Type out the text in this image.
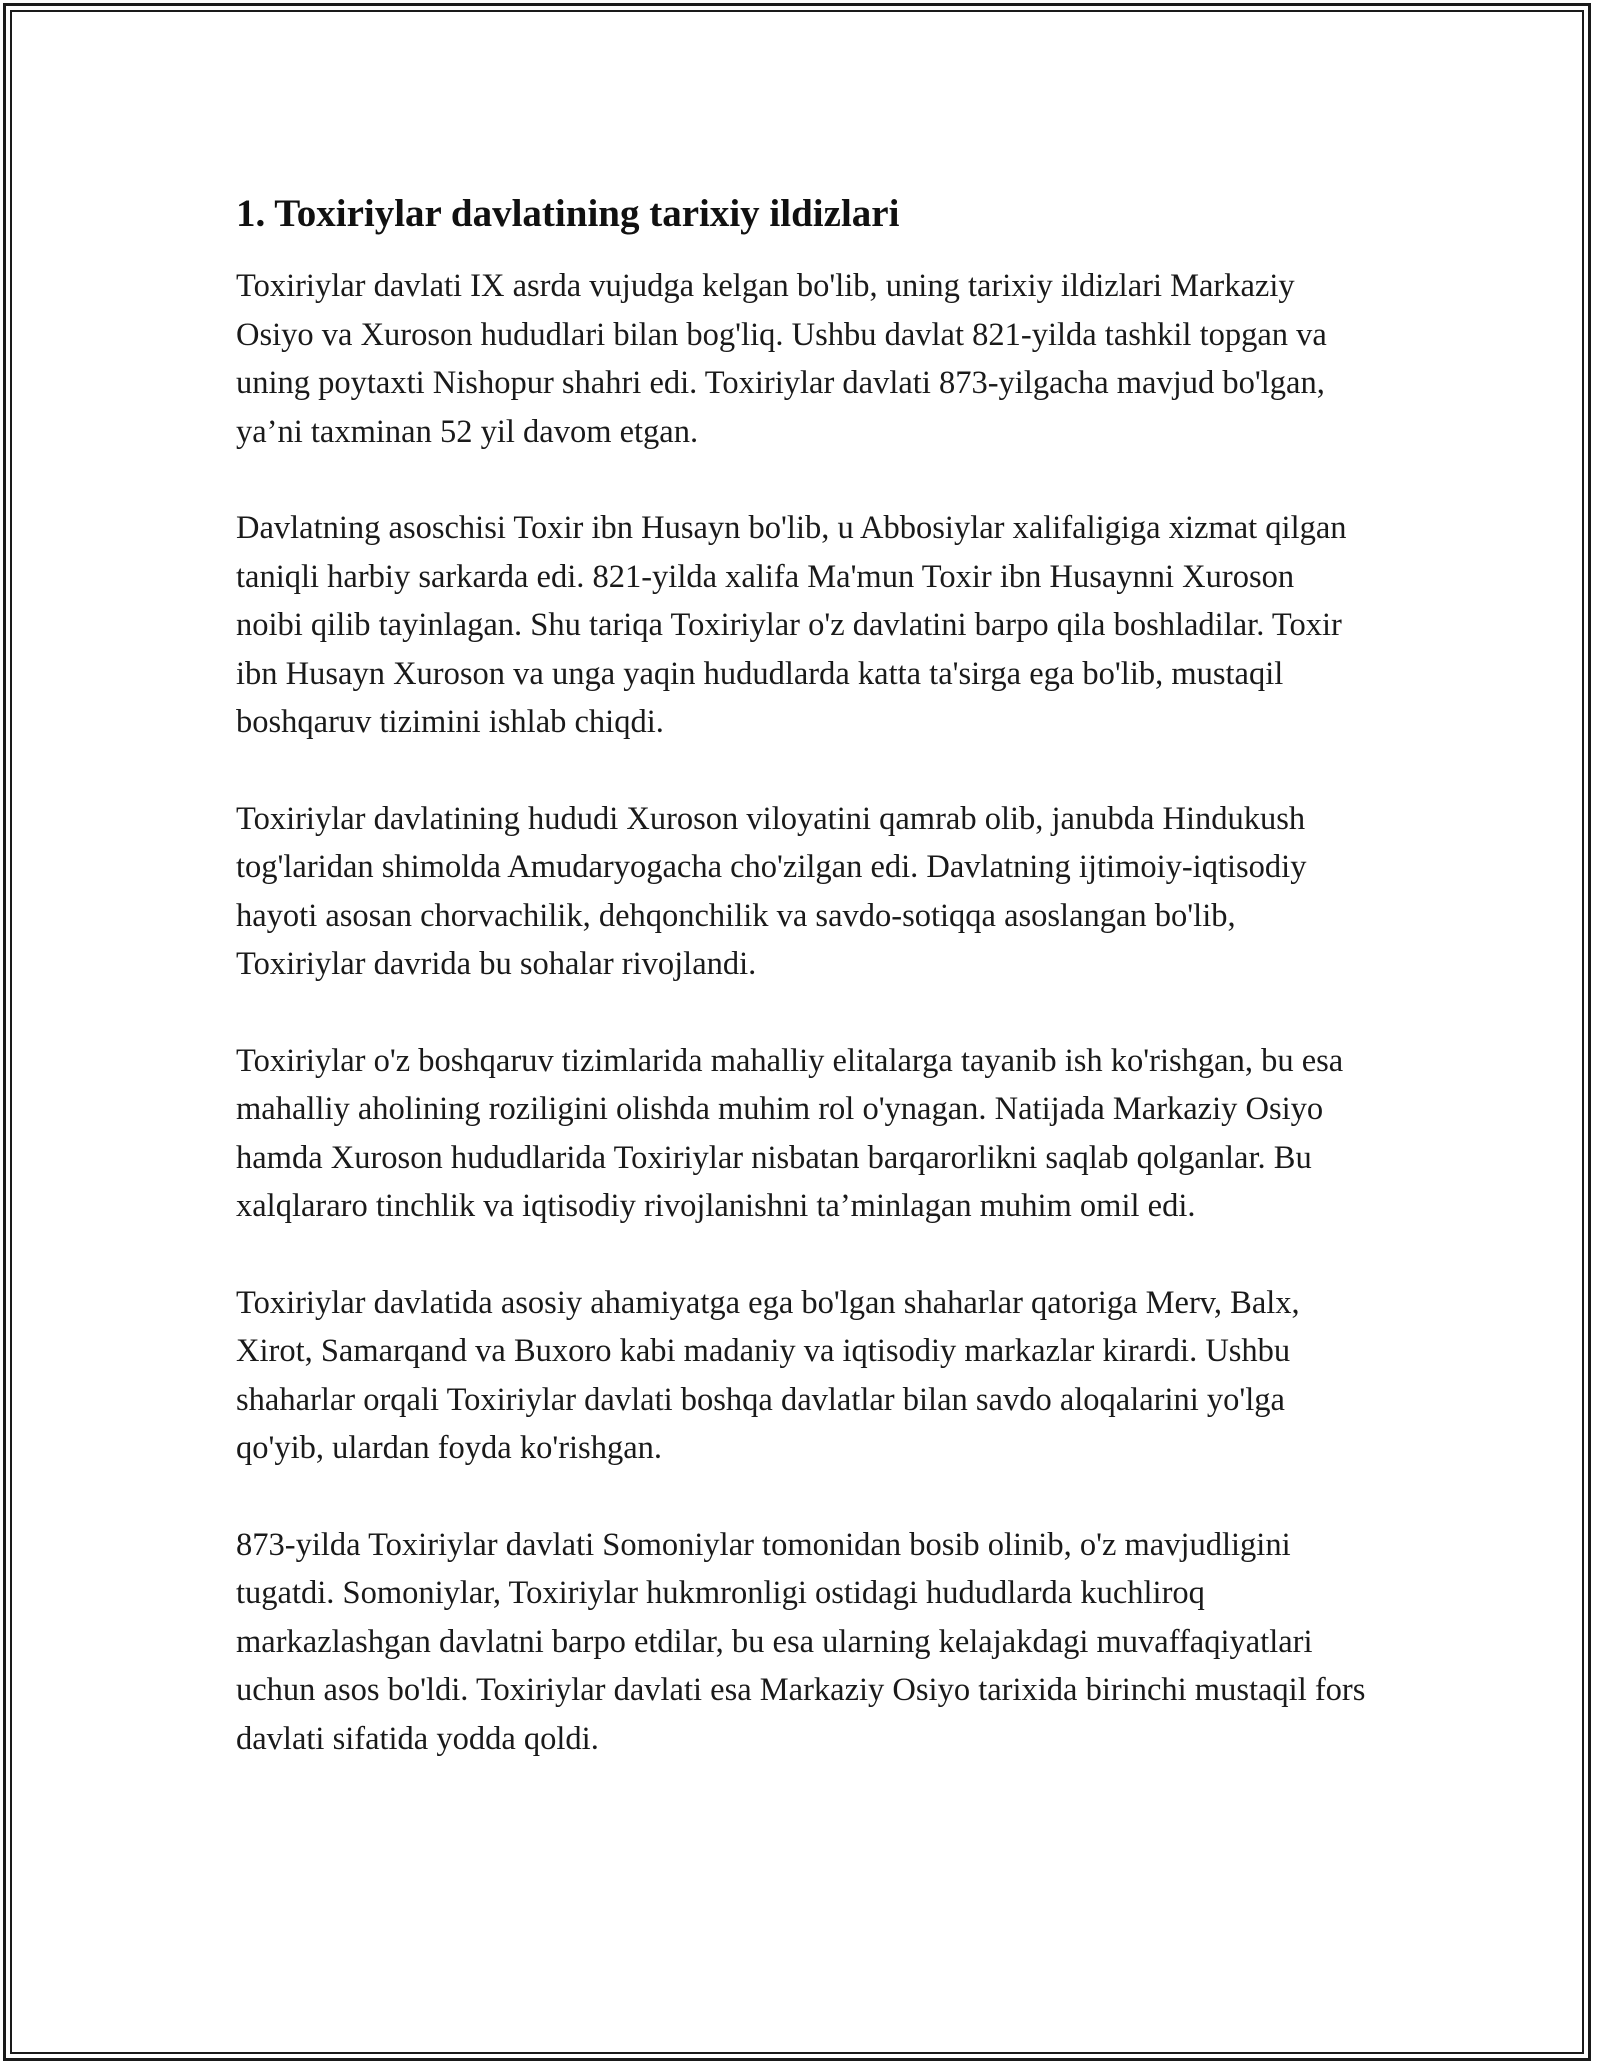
1. Toxiriylar davlatining tarixiy ildizlari

Toxiriylar davlati IX asrda vujudga kelgan bo'lib, uning tarixiy ildizlari Markaziy Osiyo va Xuroson hududlari bilan bog'liq. Ushbu davlat 821-yilda tashkil topgan va uning poytaxti Nishopur shahri edi. Toxiriylar davlati 873-yilgacha mavjud bo'lgan, ya’ni taxminan 52 yil davom etgan.

Davlatning asoschisi Toxir ibn Husayn bo'lib, u Abbosiylar xalifaligiga xizmat qilgan taniqli harbiy sarkarda edi. 821-yilda xalifa Ma'mun Toxir ibn Husaynni Xuroson noibi qilib tayinlagan. Shu tariqa Toxiriylar o'z davlatini barpo qila boshladilar. Toxir ibn Husayn Xuroson va unga yaqin hududlarda katta ta'sirga ega bo'lib, mustaqil boshqaruv tizimini ishlab chiqdi.

Toxiriylar davlatining hududi Xuroson viloyatini qamrab olib, janubda Hindukush tog'laridan shimolda Amudaryogacha cho'zilgan edi. Davlatning ijtimoiy-iqtisodiy hayoti asosan chorvachilik, dehqonchilik va savdo-sotiqqa asoslangan bo'lib, Toxiriylar davrida bu sohalar rivojlandi.

Toxiriylar o'z boshqaruv tizimlarida mahalliy elitalarga tayanib ish ko'rishgan, bu esa mahalliy aholining roziligini olishda muhim rol o'ynagan. Natijada Markaziy Osiyo hamda Xuroson hududlarida Toxiriylar nisbatan barqarorlikni saqlab qolganlar. Bu xalqlararo tinchlik va iqtisodiy rivojlanishni ta’minlagan muhim omil edi.

Toxiriylar davlatida asosiy ahamiyatga ega bo'lgan shaharlar qatoriga Merv, Balx, Xirot, Samarqand va Buxoro kabi madaniy va iqtisodiy markazlar kirardi. Ushbu shaharlar orqali Toxiriylar davlati boshqa davlatlar bilan savdo aloqalarini yo'lga qo'yib, ulardan foyda ko'rishgan.

873-yilda Toxiriylar davlati Somoniylar tomonidan bosib olinib, o'z mavjudligini tugatdi. Somoniylar, Toxiriylar hukmronligi ostidagi hududlarda kuchliroq markazlashgan davlatni barpo etdilar, bu esa ularning kelajakdagi muvaffaqiyatlari uchun asos bo'ldi. Toxiriylar davlati esa Markaziy Osiyo tarixida birinchi mustaqil fors davlati sifatida yodda qoldi.
